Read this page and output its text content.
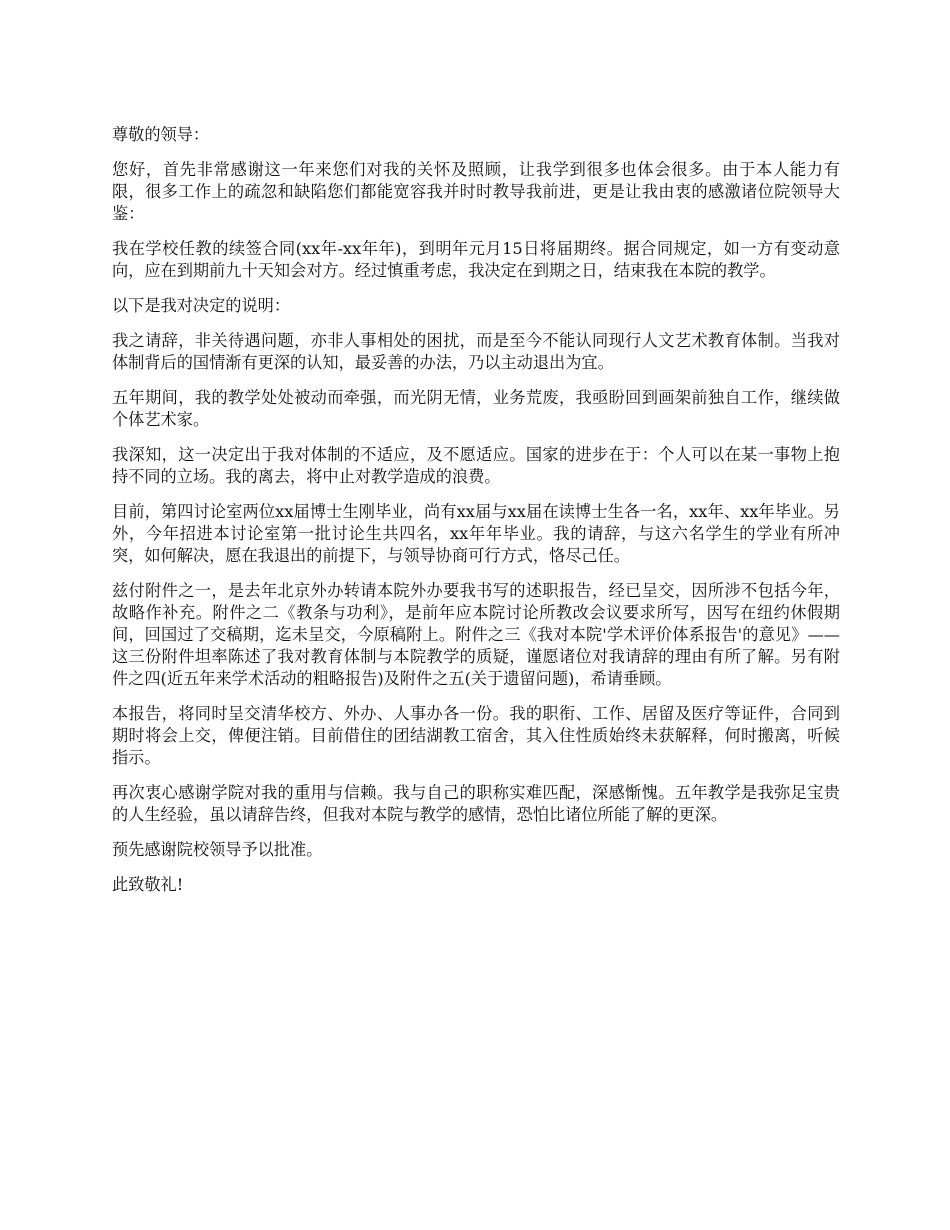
尊敬的领导：

您好，首先非常感谢这一年来您们对我的关怀及照顾，让我学到很多也体会很多。由于本人能力有限，很多工作上的疏忽和缺陷您们都能宽容我并时时教导我前进，更是让我由衷的感激诸位院领导大鉴：

我在学校任教的续签合同(xx年-xx年年)，到明年元月15日将届期终。据合同规定，如一方有变动意向，应在到期前九十天知会对方。经过慎重考虑，我决定在到期之日，结束我在本院的教学。

以下是我对决定的说明：

我之请辞，非关待遇问题，亦非人事相处的困扰，而是至今不能认同现行人文艺术教育体制。当我对体制背后的国情渐有更深的认知，最妥善的办法，乃以主动退出为宜。

五年期间，我的教学处处被动而牵强，而光阴无情，业务荒废，我亟盼回到画架前独自工作，继续做个体艺术家。

我深知，这一决定出于我对体制的不适应，及不愿适应。国家的进步在于：个人可以在某一事物上抱持不同的立场。我的离去，将中止对教学造成的浪费。

目前，第四讨论室两位xx届博士生刚毕业，尚有xx届与xx届在读博士生各一名，xx年、xx年毕业。另外，今年招进本讨论室第一批讨论生共四名，xx年年毕业。我的请辞，与这六名学生的学业有所冲突，如何解决，愿在我退出的前提下，与领导协商可行方式，恪尽己任。

兹付附件之一，是去年北京外办转请本院外办要我书写的述职报告，经已呈交，因所涉不包括今年，故略作补充。附件之二《教条与功利》，是前年应本院讨论所教改会议要求所写，因写在纽约休假期间，回国过了交稿期，迄未呈交，今原稿附上。附件之三《我对本院'学术评价体系报告'的意见》——这三份附件坦率陈述了我对教育体制与本院教学的质疑，谨愿诸位对我请辞的理由有所了解。另有附件之四(近五年来学术活动的粗略报告)及附件之五(关于遗留问题)，希请垂顾。

本报告，将同时呈交清华校方、外办、人事办各一份。我的职衔、工作、居留及医疗等证件，合同到期时将会上交，俾便注销。目前借住的团结湖教工宿舍，其入住性质始终未获解释，何时搬离，听候指示。

再次衷心感谢学院对我的重用与信赖。我与自己的职称实难匹配，深感惭愧。五年教学是我弥足宝贵的人生经验，虽以请辞告终，但我对本院与教学的感情，恐怕比诸位所能了解的更深。

预先感谢院校领导予以批准。

此致敬礼!
